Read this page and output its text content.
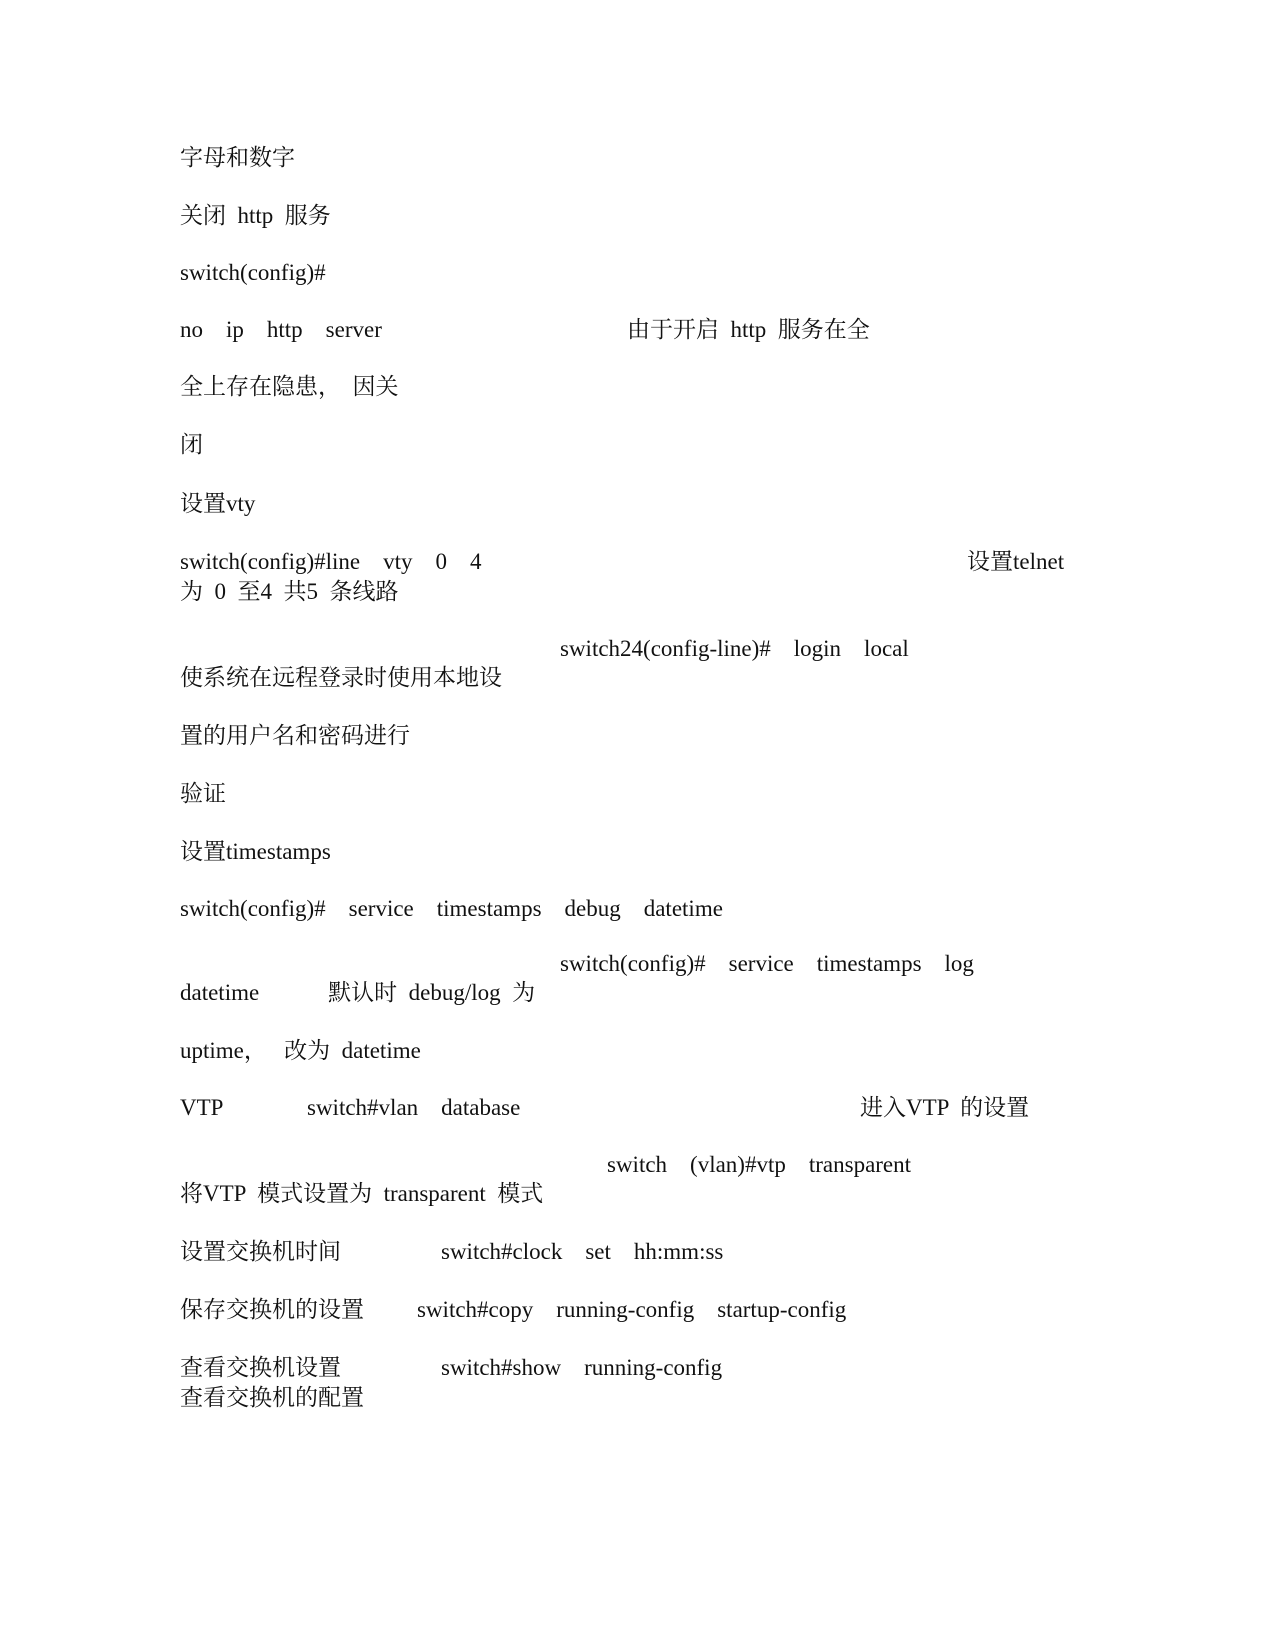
字母和数字
关闭  http  服务
switch(config)#
no    ip    http    server	由于开启  http  服务在全
全上存在隐患，  因关
闭
设置vty
switch(config)#line    vty    0    4	设置telnet
为  0  至4  共5  条线路
switch24(config-line)#    login    local
使系统在远程登录时使用本地设
置的用户名和密码进行
验证
设置timestamps
switch(config)#    service    timestamps    debug    datetime
switch(config)#    service    timestamps    log
datetime            默认时  debug/log  为
uptime，   改为  datetime
VTP	switch#vlan    database	进入VTP  的设置
switch    (vlan)#vtp    transparent
将VTP  模式设置为  transparent  模式
设置交换机时间	switch#clock    set    hh:mm:ss
保存交换机的设置 switch#copy    running-config    startup-config
查看交换机设置	switch#show    running-config
查看交换机的配置
